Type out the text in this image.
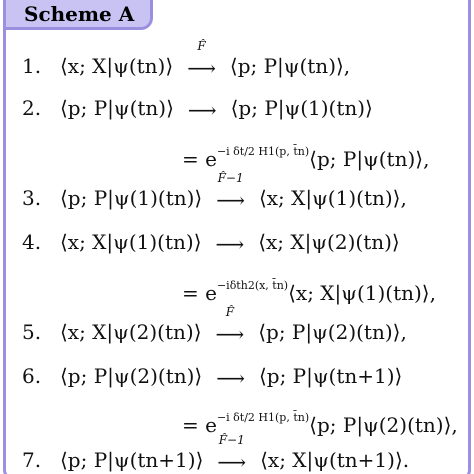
Scheme A
1. ⟨x; X|ψ(tn)⟩
F̂
⟶ ⟨p; P|ψ(tn)⟩,
2. ⟨p; P|ψ(tn)⟩ ⟶ ⟨p; P|ψ(1)(tn)⟩
= $e^{-i \delta t/2 H1(p, t̄n)}⟨p$; P|ψ(tn)⟩,
3. ⟨p; P|ψ(1)(tn)⟩
F̂−1
⟶ ⟨x; X|ψ(1)(tn)⟩,
4. ⟨x; X|ψ(1)(tn)⟩ ⟶ ⟨x; X|ψ(2)(tn)⟩
= $e^{-i\delta th2(x, t̄n)}⟨x$; X|ψ(1)(tn)⟩,
5. ⟨x; X|ψ(2)(tn)⟩
F̂
⟶ ⟨p; P|ψ(2)(tn)⟩,
6. ⟨p; P|ψ(2)(tn)⟩ ⟶ ⟨p; P|ψ(tn+1)⟩
= $e^{-i \delta t/2 H1(p, t̄n)}⟨p$; P|ψ(2)(tn)⟩,
7. ⟨p; P|ψ(tn+1)⟩
F̂−1
⟶ ⟨x; X|ψ(tn+1)⟩.
